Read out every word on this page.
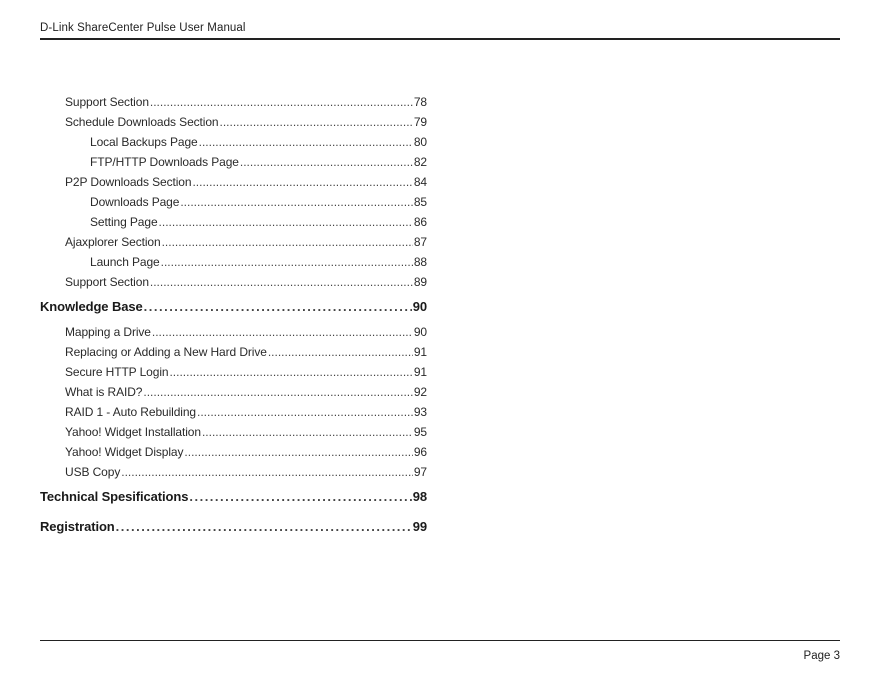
D-Link ShareCenter Pulse User Manual
Support Section .....	78
Schedule Downloads Section .....	79
Local Backups Page .....	80
FTP/HTTP Downloads Page .....	82
P2P Downloads Section .....	84
Downloads Page .....	85
Setting Page .....	86
Ajaxplorer Section .....	87
Launch Page .....	88
Support Section .....	89
Knowledge Base .....	90
Mapping a Drive .....	90
Replacing or Adding a New Hard Drive .....	91
Secure HTTP Login .....	91
What is RAID? .....	92
RAID 1 - Auto Rebuilding .....	93
Yahoo! Widget Installation .....	95
Yahoo! Widget Display .....	96
USB Copy .....	97
Technical Spesifications .....	98
Registration .....	99
Page 3
